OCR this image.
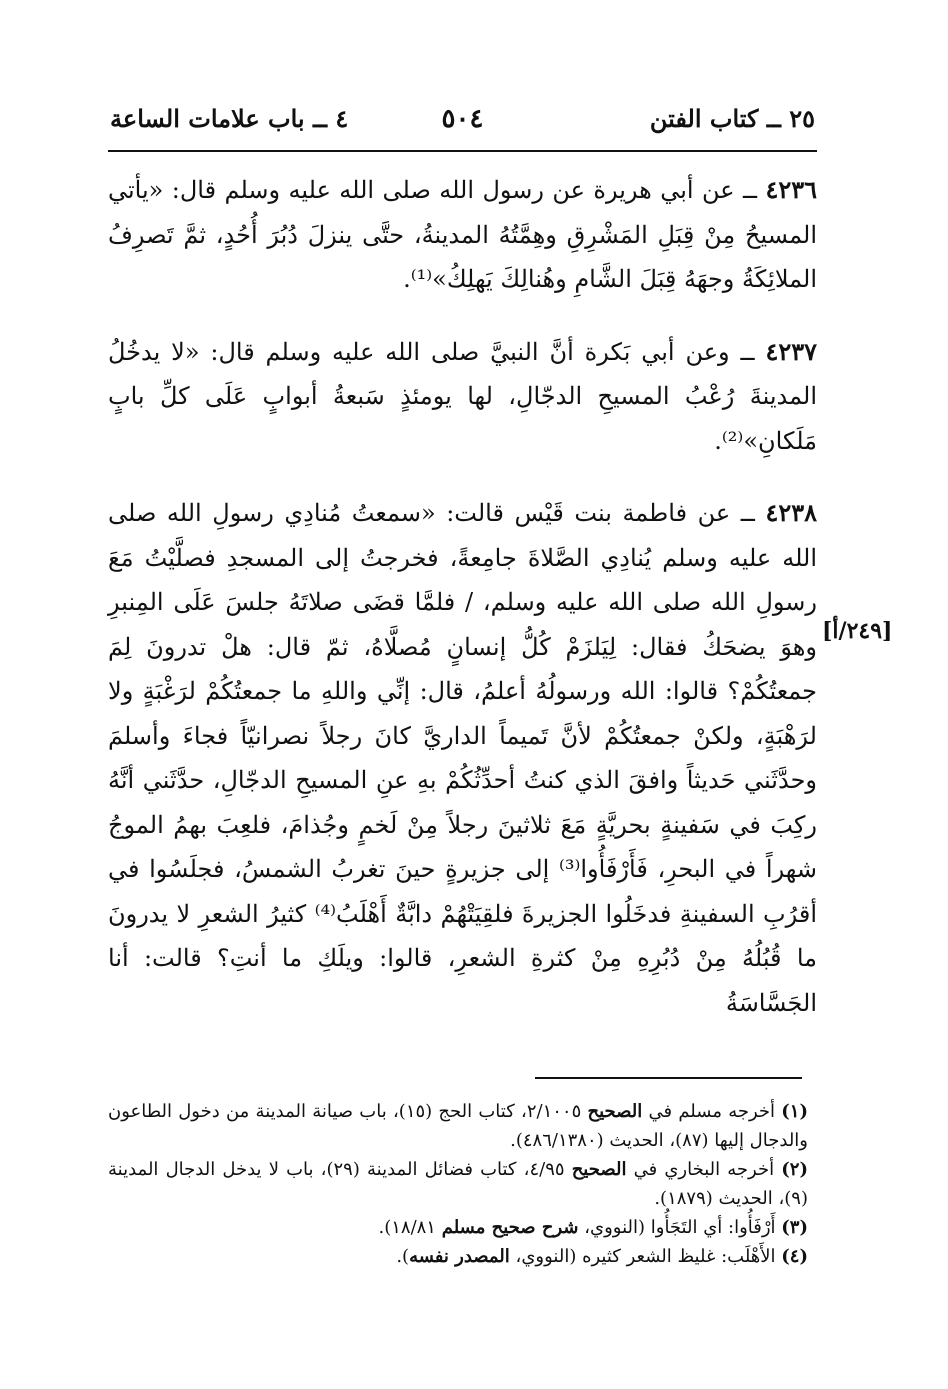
٢٥ ــ كتاب الفتن
٥٠٤
٤ ــ باب علامات الساعة

٤٢٣٦ ــ عن أبي هريرة عن رسول الله صلى الله عليه وسلم قال: «يأتي المسيحُ مِنْ قِبَلِ المَشْرِقِ وهِمَّتُهُ المدينةُ، حتَّى ينزلَ دُبُرَ أُحُدٍ، ثمَّ تَصرِفُ الملائِكَةُ وجهَهُ قِبَلَ الشَّامِ وهُنالِكَ يَهلِكُ»⁽¹⁾.

٤٢٣٧ ــ وعن أبي بَكرة أنَّ النبيَّ صلى الله عليه وسلم قال: «لا يدخُلُ المدينةَ رُعْبُ المسيحِ الدجّالِ، لها يومئذٍ سَبعةُ أبوابٍ عَلَى كلِّ بابٍ مَلَكانِ»⁽²⁾.

٤٢٣٨ ــ عن فاطمة بنت قَيْس قالت: «سمعتُ مُنادِي رسولِ الله صلى الله عليه وسلم يُنادِي الصَّلاةَ جامِعةً، فخرجتُ إلى المسجدِ فصلَّيْتُ مَعَ رسولِ الله صلى الله عليه وسلم، / فلمَّا قضَى صلاتَهُ جلسَ عَلَى المِنبرِ وهوَ يضحَكُ فقال: لِيَلزَمْ كُلُّ إنسانٍ مُصلَّاهُ، ثمّ قال: هلْ تدرونَ لِمَ جمعتُكُمْ؟ قالوا: الله ورسولُهُ أعلمُ، قال: إنِّي واللهِ ما جمعتُكُمْ لرَغْبَةٍ ولا لرَهْبَةٍ، ولكنْ جمعتُكُمْ لأنَّ تَميماً الداريَّ كانَ رجلاً نصرانيّاً فجاءَ وأسلمَ وحدَّثَني حَديثاً وافقَ الذي كنتُ أحدِّثُكُمْ بهِ عنِ المسيحِ الدجّالِ، حدَّثَني أنَّهُ ركِبَ في سَفينةٍ بحريَّةٍ مَعَ ثلاثينَ رجلاً مِنْ لَخمٍ وجُذامَ، فلعِبَ بهمُ الموجُ شهراً في البحرِ، فَأَرْفَأُوا⁽³⁾ إلى جزيرةٍ حينَ تغربُ الشمسُ، فجلَسُوا في أقرُبِ السفينةِ فدخَلُوا الجزيرةَ فلقِيَتْهُمْ دابَّةٌ أَهْلَبُ⁽⁴⁾ كثيرُ الشعرِ لا يدرونَ ما قُبُلُهُ مِنْ دُبُرِهِ مِنْ كثرةِ الشعرِ، قالوا: ويلَكِ ما أنتِ؟ قالت: أنا الجَسَّاسَةُ

[٢٤٩/أ]

(١) أخرجه مسلم في الصحيح ٢/١٠٠٥، كتاب الحج (١٥)، باب صيانة المدينة من دخول الطاعون والدجال إليها (٨٧)، الحديث (٤٨٦/١٣٨٠).

(٢) أخرجه البخاري في الصحيح ٤/٩٥، كتاب فضائل المدينة (٢٩)، باب لا يدخل الدجال المدينة (٩)، الحديث (١٨٧٩).

(٣) أَرْفَأُوا: أي التَجَأُوا (النووي، شرح صحيح مسلم ١٨/٨١).

(٤) الأَهْلَب: غليظ الشعر كثيره (النووي، المصدر نفسه).
